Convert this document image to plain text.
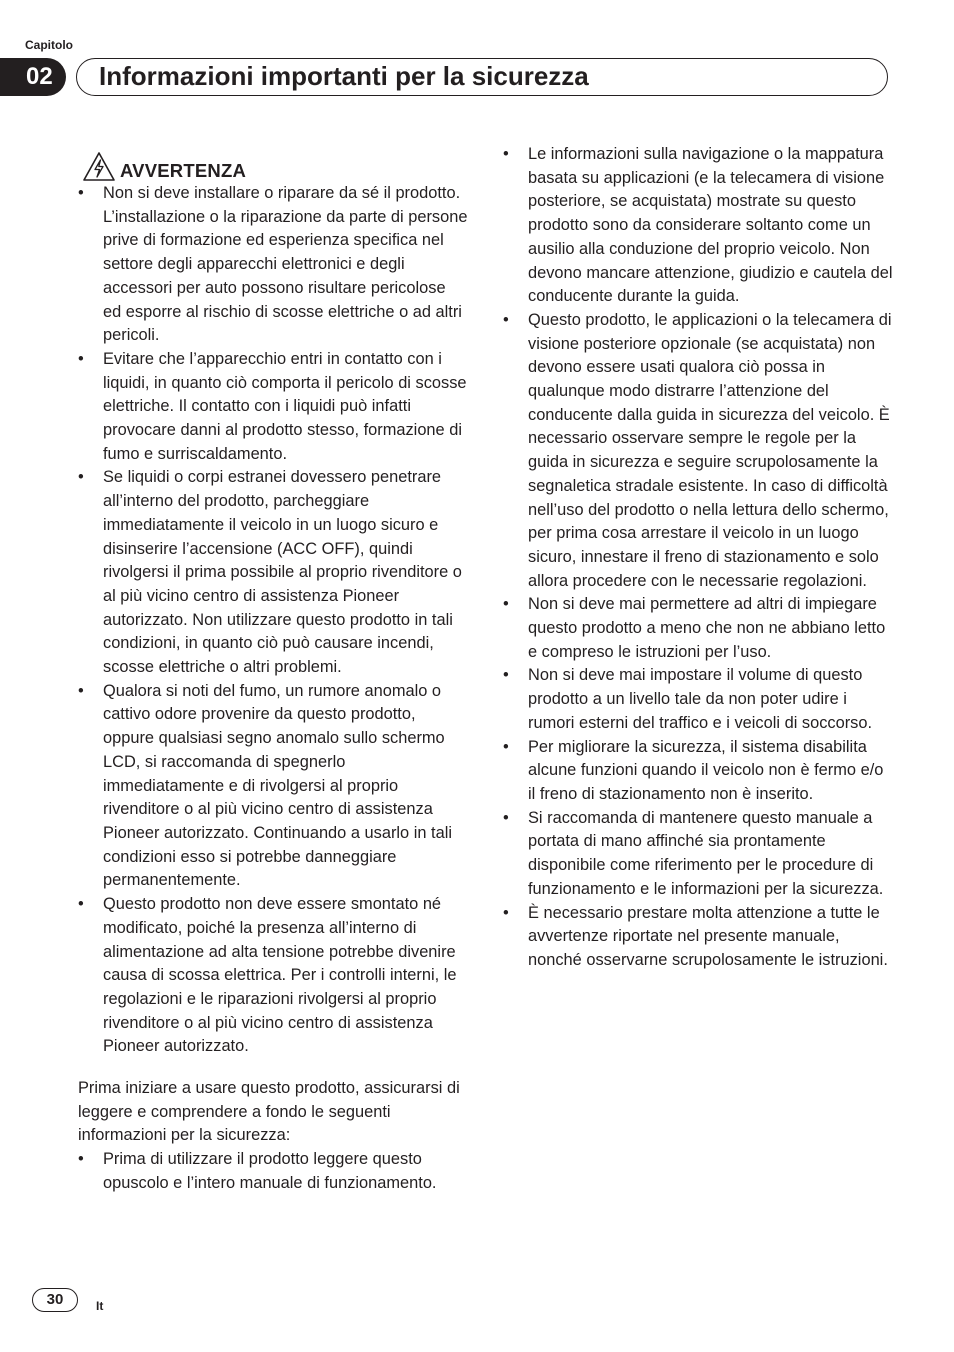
Capitolo
02	Informazioni importanti per la sicurezza
AVVERTENZA
• Non si deve installare o riparare da sé il prodotto. L’installazione o la riparazione da parte di persone prive di formazione ed esperienza specifica nel settore degli apparecchi elettronici e degli accessori per auto possono risultare pericolose ed esporre al rischio di scosse elettriche o ad altri pericoli.
• Evitare che l’apparecchio entri in contatto con i liquidi, in quanto ciò comporta il pericolo di scosse elettriche. Il contatto con i liquidi può infatti provocare danni al prodotto stesso, formazione di fumo e surriscaldamento.
• Se liquidi o corpi estranei dovessero penetrare all’interno del prodotto, parcheggiare immediatamente il veicolo in un luogo sicuro e disinserire l’accensione (ACC OFF), quindi rivolgersi il prima possibile al proprio rivenditore o al più vicino centro di assistenza Pioneer autorizzato. Non utilizzare questo prodotto in tali condizioni, in quanto ciò può causare incendi, scosse elettriche o altri problemi.
• Qualora si noti del fumo, un rumore anomalo o cattivo odore provenire da questo prodotto, oppure qualsiasi segno anomalo sullo schermo LCD, si raccomanda di spegnerlo immediatamente e di rivolgersi al proprio rivenditore o al più vicino centro di assistenza Pioneer autorizzato. Continuando a usarlo in tali condizioni esso si potrebbe danneggiare permanentemente.
• Questo prodotto non deve essere smontato né modificato, poiché la presenza all’interno di alimentazione ad alta tensione potrebbe divenire causa di scossa elettrica. Per i controlli interni, le regolazioni e le riparazioni rivolgersi al proprio rivenditore o al più vicino centro di assistenza Pioneer autorizzato.

Prima iniziare a usare questo prodotto, assicurarsi di leggere e comprendere a fondo le seguenti informazioni per la sicurezza:

• Prima di utilizzare il prodotto leggere questo opuscolo e l’intero manuale di funzionamento.
• Le informazioni sulla navigazione o la mappatura basata su applicazioni (e la telecamera di visione posteriore, se acquistata) mostrate su questo prodotto sono da considerare soltanto come un ausilio alla conduzione del proprio veicolo. Non devono mancare attenzione, giudizio e cautela del conducente durante la guida.
• Questo prodotto, le applicazioni o la telecamera di visione posteriore opzionale (se acquistata) non devono essere usati qualora ciò possa in qualunque modo distrarre l’attenzione del conducente dalla guida in sicurezza del veicolo. È necessario osservare sempre le regole per la guida in sicurezza e seguire scrupolosamente la segnaletica stradale esistente. In caso di difficoltà nell’uso del prodotto o nella lettura dello schermo, per prima cosa arrestare il veicolo in un luogo sicuro, innestare il freno di stazionamento e solo allora procedere con le necessarie regolazioni.
• Non si deve mai permettere ad altri di impiegare questo prodotto a meno che non ne abbiano letto e compreso le istruzioni per l’uso.
• Non si deve mai impostare il volume di questo prodotto a un livello tale da non poter udire i rumori esterni del traffico e i veicoli di soccorso.
• Per migliorare la sicurezza, il sistema disabilita alcune funzioni quando il veicolo non è fermo e/o il freno di stazionamento non è inserito.
• Si raccomanda di mantenere questo manuale a portata di mano affinché sia prontamente disponibile come riferimento per le procedure di funzionamento e le informazioni per la sicurezza.
• È necessario prestare molta attenzione a tutte le avvertenze riportate nel presente manuale, nonché osservarne scrupolosamente le istruzioni.
30	It
